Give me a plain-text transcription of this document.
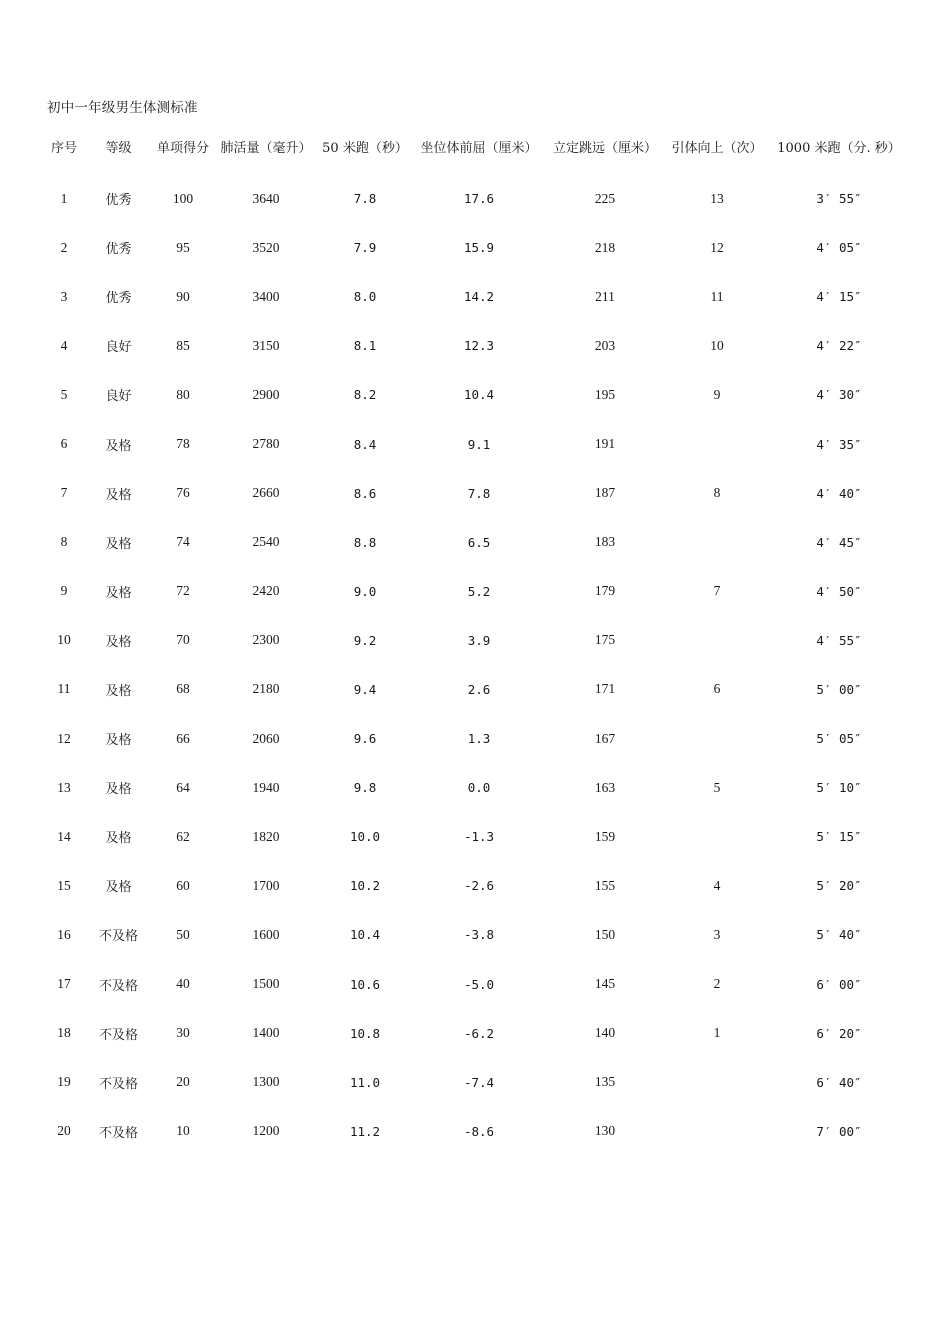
初中一年级男生体测标准
序号	等级	单项得分	肺活量（毫升）	50 米跑（秒）	坐位体前屈（厘米）	立定跳远（厘米）	引体向上（次）	1000 米跑（分. 秒）
1	优秀	100	3640	7.8	17.6	225	13	3′ 55″
2	优秀	95	3520	7.9	15.9	218	12	4′ 05″
3	优秀	90	3400	8.0	14.2	211	11	4′ 15″
4	良好	85	3150	8.1	12.3	203	10	4′ 22″
5	良好	80	2900	8.2	10.4	195	9	4′ 30″
6	及格	78	2780	8.4	9.1	191		4′ 35″
7	及格	76	2660	8.6	7.8	187	8	4′ 40″
8	及格	74	2540	8.8	6.5	183		4′ 45″
9	及格	72	2420	9.0	5.2	179	7	4′ 50″
10	及格	70	2300	9.2	3.9	175		4′ 55″
11	及格	68	2180	9.4	2.6	171	6	5′ 00″
12	及格	66	2060	9.6	1.3	167		5′ 05″
13	及格	64	1940	9.8	0.0	163	5	5′ 10″
14	及格	62	1820	10.0	-1.3	159		5′ 15″
15	及格	60	1700	10.2	-2.6	155	4	5′ 20″
16	不及格	50	1600	10.4	-3.8	150	3	5′ 40″
17	不及格	40	1500	10.6	-5.0	145	2	6′ 00″
18	不及格	30	1400	10.8	-6.2	140	1	6′ 20″
19	不及格	20	1300	11.0	-7.4	135		6′ 40″
20	不及格	10	1200	11.2	-8.6	130		7′ 00″
